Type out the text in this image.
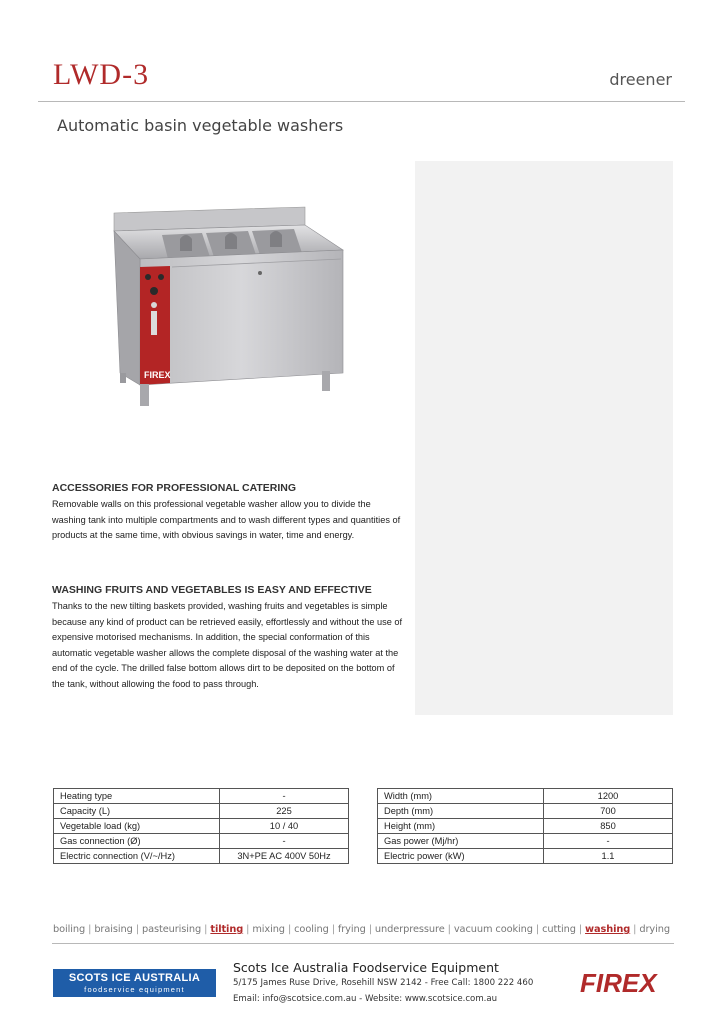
LWD-3	dreener
Automatic basin vegetable washers
FIREX
ACCESSORIES FOR PROFESSIONAL CATERING
Removable walls on this professional vegetable washer allow you to divide the washing tank into multiple compartments and to wash different types and quantities of products at the same time, with obvious savings in water, time and energy.
WASHING FRUITS AND VEGETABLES IS EASY AND EFFECTIVE
Thanks to the new tilting baskets provided, washing fruits and vegetables is simple because any kind of product can be retrieved easily, effortlessly and without the use of expensive motorised mechanisms. In addition, the special conformation of this automatic vegetable washer allows the complete disposal of the washing water at the end of the cycle. The drilled false bottom allows dirt to be deposited on the bottom of the tank, without allowing the food to pass through.
Heating type	-
Capacity (L)	225
Vegetable load (kg)	10 / 40
Gas connection (Ø)	-
Electric connection (V/~/Hz)	3N+PE AC 400V 50Hz
Width (mm)	1200
Depth (mm)	700
Height (mm)	850
Gas power (Mj/hr)	-
Electric power (kW)	1.1
boiling | braising | pasteurising | tilting | mixing | cooling | frying | underpressure | vacuum cooking | cutting | washing | drying
SCOTS ICE AUSTRALIA
foodservice equipment
Scots Ice Australia Foodservice Equipment
5/175 James Ruse Drive, Rosehill NSW 2142 - Free Call: 1800 222 460
Email: info@scotsice.com.au - Website: www.scotsice.com.au
FIREX
